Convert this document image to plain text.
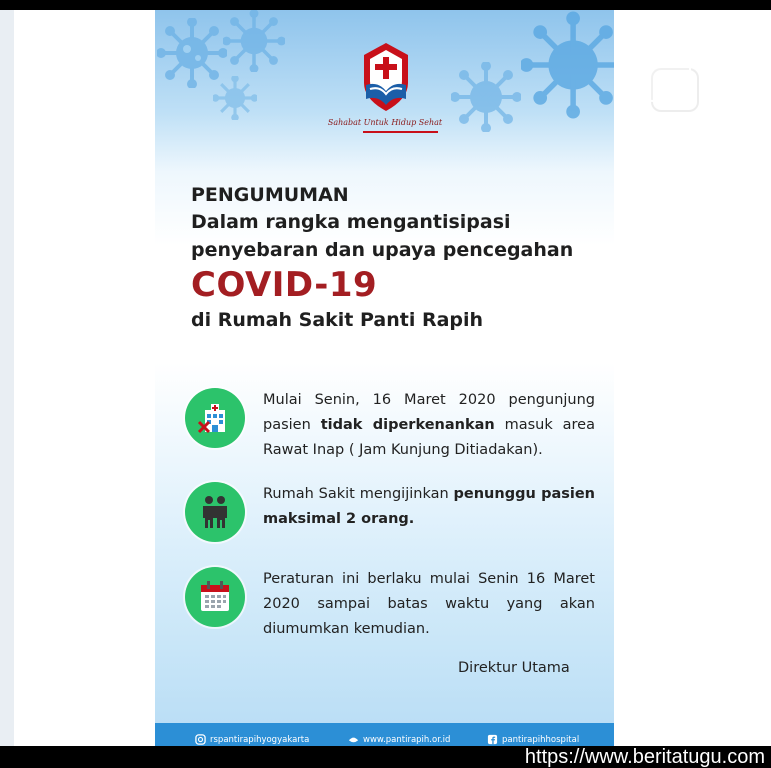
Sahabat Untuk Hidup Sehat
PENGUMUMAN
Dalam rangka mengantisipasi
penyebaran dan upaya pencegahan
COVID-19
di Rumah Sakit Panti Rapih
Mulai Senin, 16 Maret 2020 pengunjung pasien tidak diperkenankan masuk area Rawat Inap ( Jam Kunjung Ditiadakan).
Rumah Sakit mengijinkan penunggu pasien maksimal 2 orang.
Peraturan ini berlaku mulai Senin 16 Maret 2020 sampai batas waktu yang akan diumumkan kemudian.
Direktur Utama
rspantirapihyogyakarta	www.pantirapih.or.id	pantirapihhospital
https://www.beritatugu.com
